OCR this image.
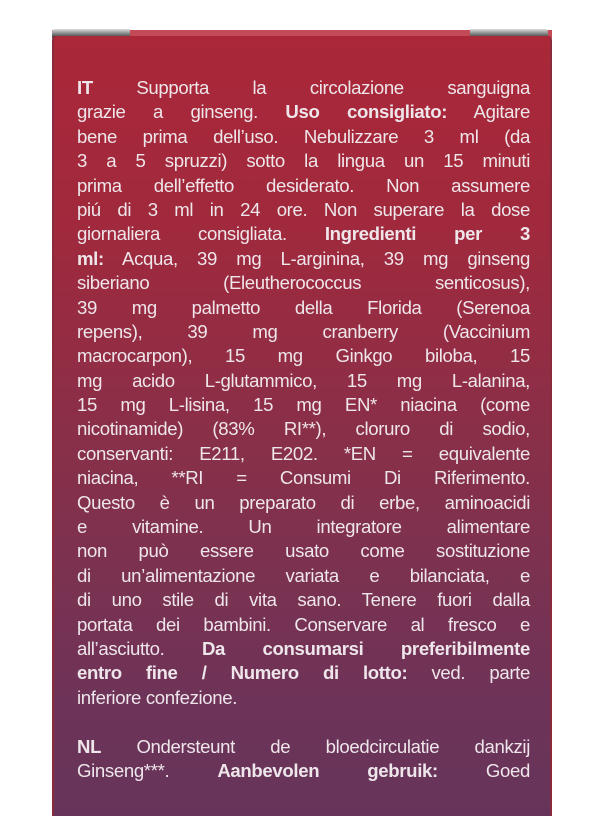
IT Supporta la circolazione sanguigna
grazie a ginseng. Uso consigliato: Agitare
bene prima dell’uso. Nebulizzare 3 ml (da
3 a 5 spruzzi) sotto la lingua un 15 minuti
prima dell’effetto desiderato. Non assumere
piú di 3 ml in 24 ore. Non superare la dose
giornaliera consigliata. Ingredienti per 3
ml: Acqua, 39 mg L-arginina, 39 mg ginseng
siberiano (Eleutherococcus senticosus),
39 mg palmetto della Florida (Serenoa
repens), 39 mg cranberry (Vaccinium
macrocarpon), 15 mg Ginkgo biloba, 15
mg acido L-glutammico, 15 mg L-alanina,
15 mg L-lisina, 15 mg EN* niacina (come
nicotinamide) (83% RI**), cloruro di sodio,
conservanti: E211, E202. *EN = equivalente
niacina, **RI = Consumi Di Riferimento.
Questo è un preparato di erbe, aminoacidi
e vitamine. Un integratore alimentare
non può essere usato come sostituzione
di un’alimentazione variata e bilanciata, e
di uno stile di vita sano. Tenere fuori dalla
portata dei bambini. Conservare al fresco e
all’asciutto. Da consumarsi preferibilmente
entro fine / Numero di lotto: ved. parte
inferiore confezione.
NL Ondersteunt de bloedcirculatie dankzij
Ginseng***. Aanbevolen gebruik: Goed
